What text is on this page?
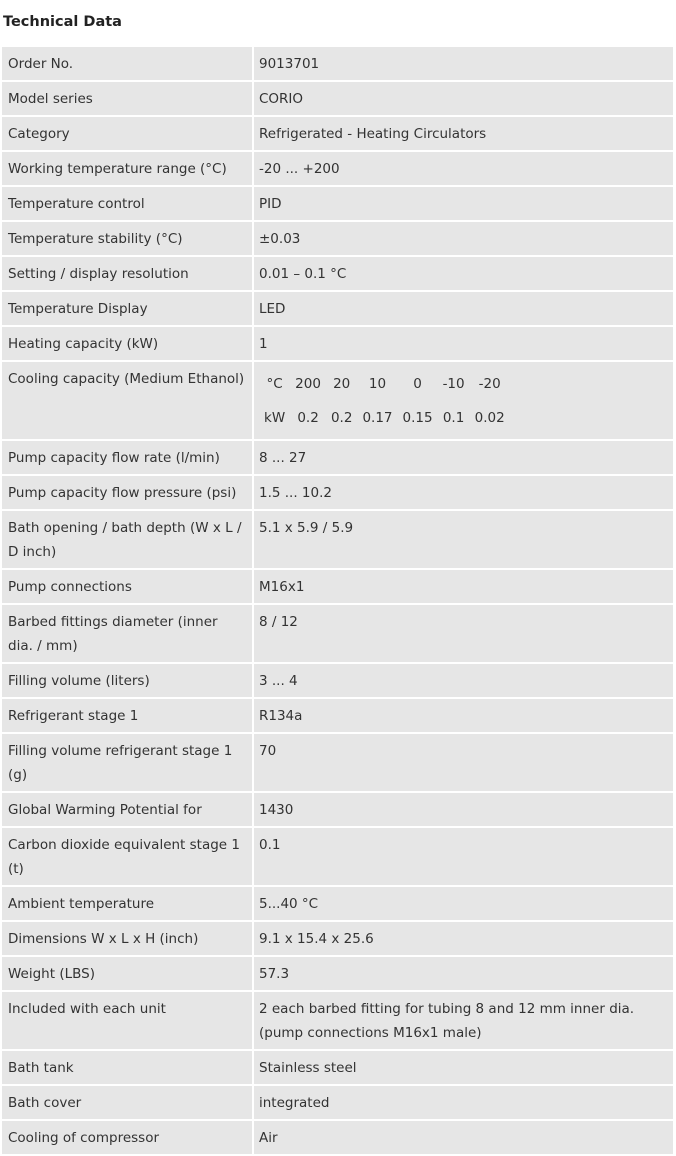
Technical Data
Order No.	9013701
Model series	CORIO
Category	Refrigerated - Heating Circulators
Working temperature range (°C)	-20 ... +200
Temperature control	PID
Temperature stability (°C)	±0.03
Setting / display resolution	0.01 – 0.1 °C
Temperature Display	LED
Heating capacity (kW)	1
Cooling capacity (Medium Ethanol)	°C	200	20	10	0	-10	-20
kW	0.2	0.2	0.17	0.15	0.1	0.02

Pump capacity flow rate (l/min)	8 ... 27
Pump capacity flow pressure (psi)	1.5 ... 10.2
Bath opening / bath depth (W x L / D inch)	5.1 x 5.9 / 5.9
Pump connections	M16x1
Barbed fittings diameter (inner dia. / mm)	8 / 12
Filling volume (liters)	3 ... 4
Refrigerant stage 1	R134a
Filling volume refrigerant stage 1 (g)	70
Global Warming Potential for	1430
Carbon dioxide equivalent stage 1 (t)	0.1
Ambient temperature	5...40 °C
Dimensions W x L x H (inch)	9.1 x 15.4 x 25.6
Weight (LBS)	57.3
Included with each unit	2 each barbed fitting for tubing 8 and 12 mm inner dia. (pump connections M16x1 male)
Bath tank	Stainless steel
Bath cover	integrated
Cooling of compressor	Air
